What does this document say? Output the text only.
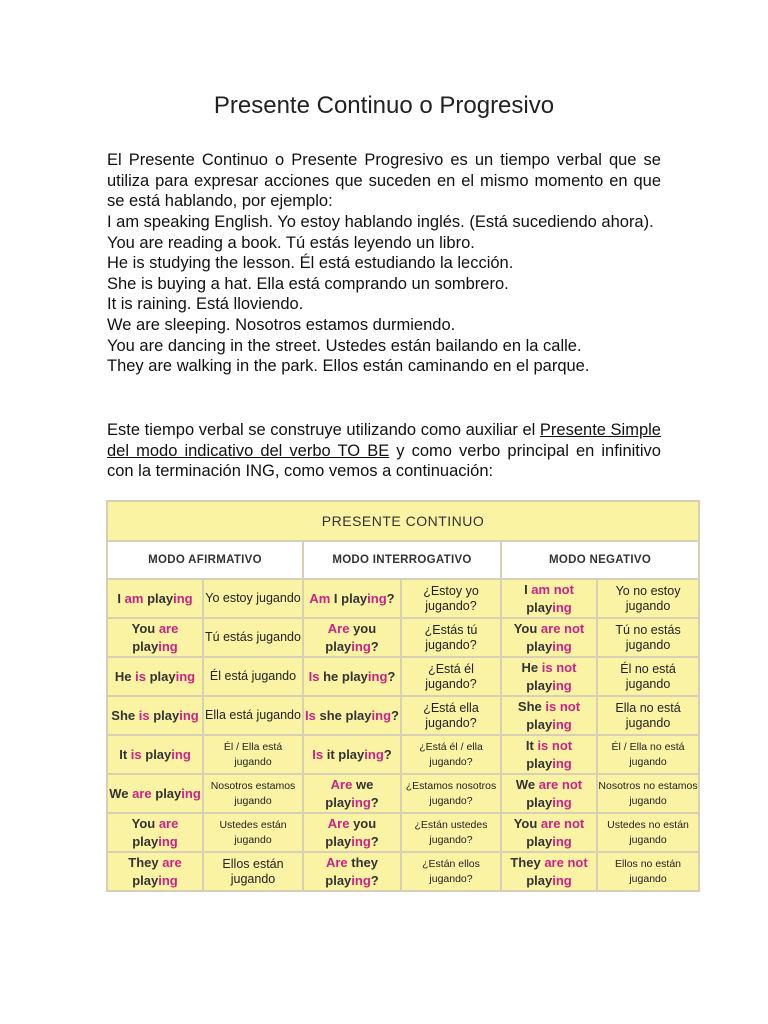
Presente Continuo o Progresivo

El Presente Continuo o Presente Progresivo es un tiempo verbal que se utiliza para expresar acciones que suceden en el mismo momento en que se está hablando, por ejemplo:

I am speaking English. Yo estoy hablando inglés. (Está sucediendo ahora).
You are reading a book. Tú estás leyendo un libro.
He is studying the lesson. Él está estudiando la lección.
She is buying a hat. Ella está comprando un sombrero.
It is raining. Está lloviendo.
We are sleeping. Nosotros estamos durmiendo.
You are dancing in the street. Ustedes están bailando en la calle.
They are walking in the park. Ellos están caminando en el parque.

Este tiempo verbal se construye utilizando como auxiliar el Presente Simple del modo indicativo del verbo TO BE y como verbo principal en infinitivo con la terminación ING, como vemos a continuación:

PRESENTE CONTINUO					
MODO AFIRMATIVO		MODO INTERROGATIVO		MODO NEGATIVO	
I am playing	Yo estoy jugando	Am I playing?	¿Estoy yo jugando?	I am not playing	Yo no estoy jugando
You are playing	Tú estás jugando	Are you playing?	¿Estás tú jugando?	You are not playing	Tú no estás jugando
He is playing	Él está jugando	Is he playing?	¿Está él jugando?	He is not playing	Él no está jugando
She is playing	Ella está jugando	Is she playing?	¿Está ella jugando?	She is not playing	Ella no está jugando
It is playing	Él / Ella está jugando	Is it playing?	¿Está él / ella jugando?	It is not playing	Él / Ella no está jugando
We are playing	Nosotros estamos jugando	Are we playing?	¿Estamos nosotros jugando?	We are not playing	Nosotros no estamos jugando
You are playing	Ustedes están jugando	Are you playing?	¿Están ustedes jugando?	You are not playing	Ustedes no están jugando
They are playing	Ellos están jugando	Are they playing?	¿Están ellos jugando?	They are not playing	Ellos no están jugando
